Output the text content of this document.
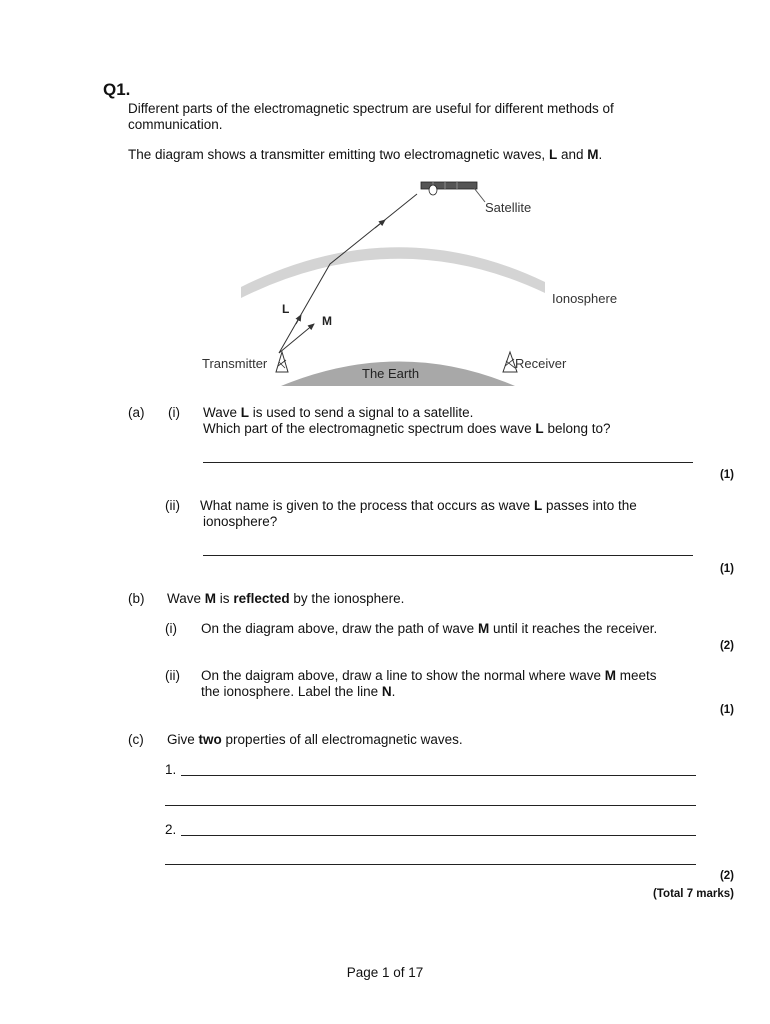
Q1.
Different parts of the electromagnetic spectrum are useful for different methods of
communication.
The diagram shows a transmitter emitting two electromagnetic waves, L and M.
Satellite
Ionosphere
Transmitter	Receiver
The Earth
L
M
(a) (i) Wave L is used to send a signal to a satellite.
Which part of the electromagnetic spectrum does wave L belong to?
(1)
(ii) What name is given to the process that occurs as wave L passes into the
ionosphere?
(1)
(b) Wave M is reflected by the ionosphere.
(i) On the diagram above, draw the path of wave M until it reaches the receiver.
(2)
(ii) On the daigram above, draw a line to show the normal where wave M meets
the ionosphere. Label the line N.
(1)
(c) Give two properties of all electromagnetic waves.
1.
2.
(2)
(Total 7 marks)
Page 1 of 17
